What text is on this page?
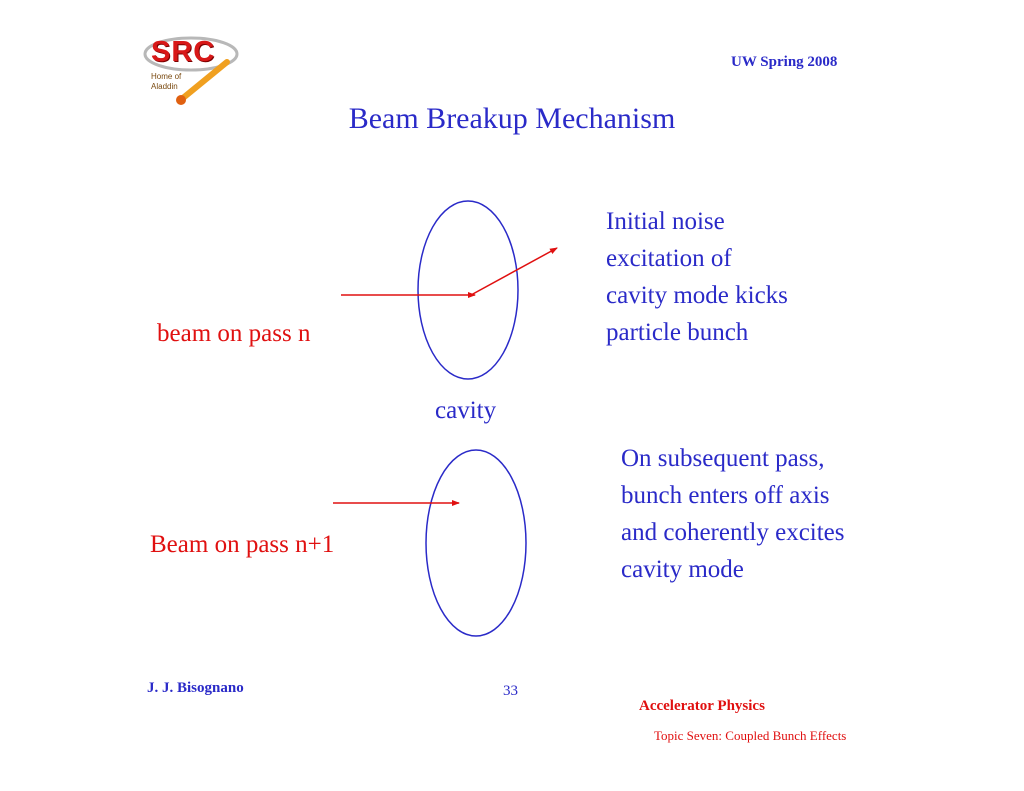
SRC
Home of
Aladdin
UW Spring 2008
Beam Breakup Mechanism
beam on pass n
Beam on pass n+1
cavity
Initial noise
excitation of
cavity mode kicks
particle bunch
On subsequent pass,
bunch enters off axis
and coherently excites
cavity mode
J. J. Bisognano	33
Accelerator Physics
Topic Seven: Coupled Bunch Effects
